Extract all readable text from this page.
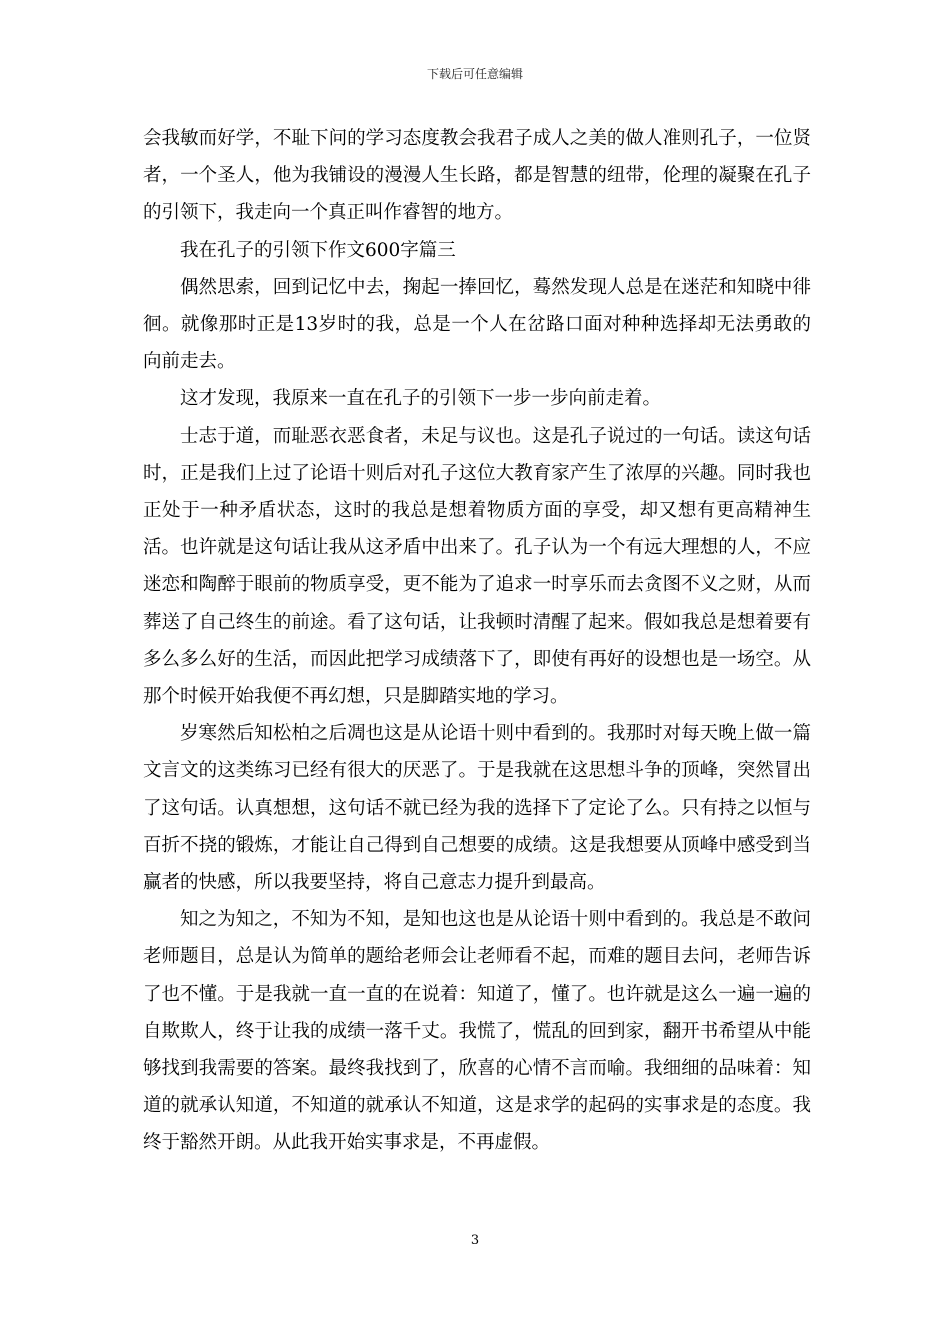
下载后可任意编辑

会我敏而好学，不耻下问的学习态度教会我君子成人之美的做人准则孔子，一位贤者，一个圣人，他为我铺设的漫漫人生长路，都是智慧的纽带，伦理的凝聚在孔子的引领下，我走向一个真正叫作睿智的地方。

我在孔子的引领下作文600字篇三

偶然思索，回到记忆中去，掬起一捧回忆，蓦然发现人总是在迷茫和知晓中徘徊。就像那时正是13岁时的我，总是一个人在岔路口面对种种选择却无法勇敢的向前走去。

这才发现，我原来一直在孔子的引领下一步一步向前走着。

士志于道，而耻恶衣恶食者，未足与议也。这是孔子说过的一句话。读这句话时，正是我们上过了论语十则后对孔子这位大教育家产生了浓厚的兴趣。同时我也正处于一种矛盾状态，这时的我总是想着物质方面的享受，却又想有更高精神生活。也许就是这句话让我从这矛盾中出来了。孔子认为一个有远大理想的人，不应迷恋和陶醉于眼前的物质享受，更不能为了追求一时享乐而去贪图不义之财，从而葬送了自己终生的前途。看了这句话，让我顿时清醒了起来。假如我总是想着要有多么多么好的生活，而因此把学习成绩落下了，即使有再好的设想也是一场空。从那个时候开始我便不再幻想，只是脚踏实地的学习。

岁寒然后知松柏之后凋也这是从论语十则中看到的。我那时对每天晚上做一篇文言文的这类练习已经有很大的厌恶了。于是我就在这思想斗争的顶峰，突然冒出了这句话。认真想想，这句话不就已经为我的选择下了定论了么。只有持之以恒与百折不挠的锻炼，才能让自己得到自己想要的成绩。这是我想要从顶峰中感受到当赢者的快感，所以我要坚持，将自己意志力提升到最高。

知之为知之，不知为不知，是知也这也是从论语十则中看到的。我总是不敢问老师题目，总是认为简单的题给老师会让老师看不起，而难的题目去问，老师告诉了也不懂。于是我就一直一直的在说着：知道了，懂了。也许就是这么一遍一遍的自欺欺人，终于让我的成绩一落千丈。我慌了，慌乱的回到家，翻开书希望从中能够找到我需要的答案。最终我找到了，欣喜的心情不言而喻。我细细的品味着：知道的就承认知道，不知道的就承认不知道，这是求学的起码的实事求是的态度。我终于豁然开朗。从此我开始实事求是，不再虚假。

3
